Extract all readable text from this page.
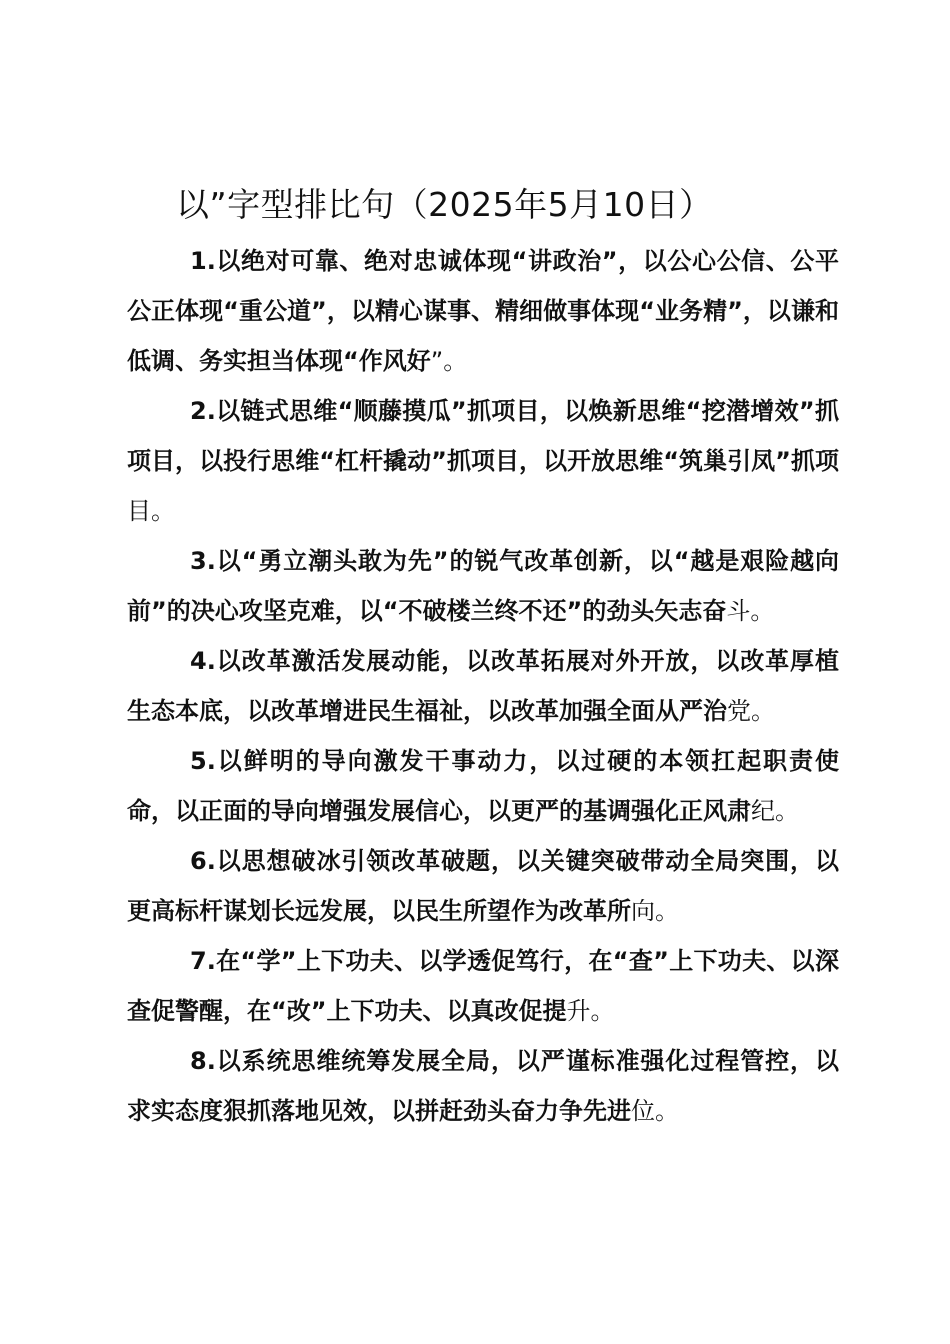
以”字型排比句（2025年5月10日）

1.以绝对可靠、绝对忠诚体现“讲政治”，以公心公信、公平公正体现“重公道”，以精心谋事、精细做事体现“业务精”，以谦和低调、务实担当体现“作风好”。

2.以链式思维“顺藤摸瓜”抓项目，以焕新思维“挖潜增效”抓项目，以投行思维“杠杆撬动”抓项目，以开放思维“筑巢引凤”抓项目。

3.以“勇立潮头敢为先”的锐气改革创新，以“越是艰险越向前”的决心攻坚克难，以“不破楼兰终不还”的劲头矢志奋斗。

4.以改革激活发展动能，以改革拓展对外开放，以改革厚植生态本底，以改革增进民生福祉，以改革加强全面从严治党。

5.以鲜明的导向激发干事动力，以过硬的本领扛起职责使命，以正面的导向增强发展信心，以更严的基调强化正风肃纪。

6.以思想破冰引领改革破题，以关键突破带动全局突围，以更高标杆谋划长远发展，以民生所望作为改革所向。

7.在“学”上下功夫、以学透促笃行，在“查”上下功夫、以深查促警醒，在“改”上下功夫、以真改促提升。

8.以系统思维统筹发展全局，以严谨标准强化过程管控，以求实态度狠抓落地见效，以拼赶劲头奋力争先进位。
